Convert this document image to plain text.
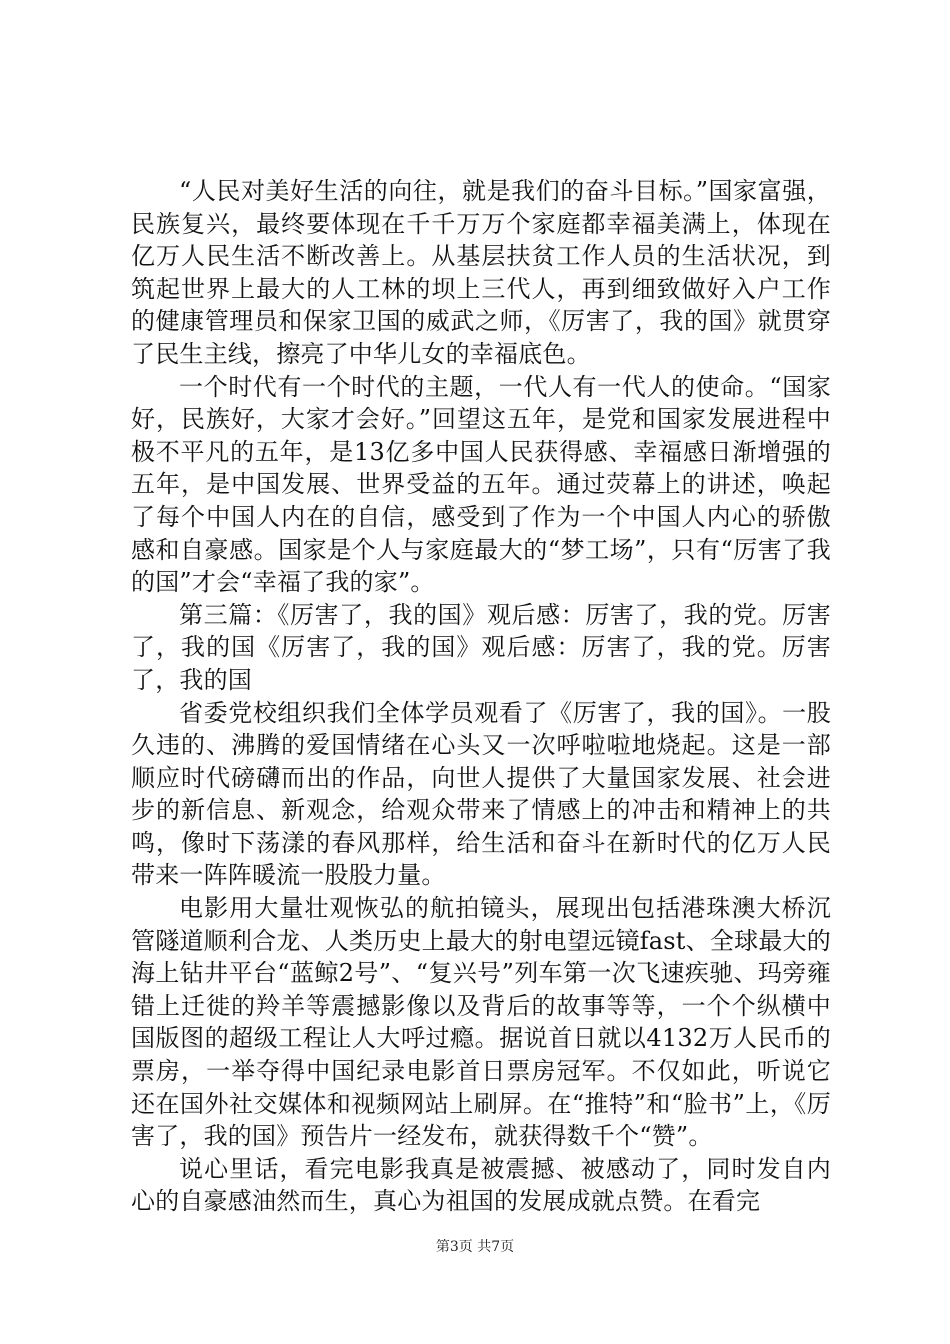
“人民对美好生活的向往，就是我们的奋斗目标。”国家富强，民族复兴，最终要体现在千千万万个家庭都幸福美满上，体现在亿万人民生活不断改善上。从基层扶贫工作人员的生活状况，到筑起世界上最大的人工林的坝上三代人，再到细致做好入户工作的健康管理员和保家卫国的威武之师，《厉害了，我的国》就贯穿了民生主线，擦亮了中华儿女的幸福底色。

一个时代有一个时代的主题，一代人有一代人的使命。“国家好，民族好，大家才会好。”回望这五年，是党和国家发展进程中极不平凡的五年，是13亿多中国人民获得感、幸福感日渐增强的五年，是中国发展、世界受益的五年。通过荧幕上的讲述，唤起了每个中国人内在的自信，感受到了作为一个中国人内心的骄傲感和自豪感。国家是个人与家庭最大的“梦工场”，只有“厉害了我的国”才会“幸福了我的家”。

第三篇：《厉害了，我的国》观后感：厉害了，我的党。厉害了，我的国《厉害了，我的国》观后感：厉害了，我的党。厉害了，我的国

省委党校组织我们全体学员观看了《厉害了，我的国》。一股久违的、沸腾的爱国情绪在心头又一次呼啦啦地烧起。这是一部顺应时代磅礴而出的作品，向世人提供了大量国家发展、社会进步的新信息、新观念，给观众带来了情感上的冲击和精神上的共鸣，像时下荡漾的春风那样，给生活和奋斗在新时代的亿万人民带来一阵阵暖流一股股力量。

电影用大量壮观恢弘的航拍镜头，展现出包括港珠澳大桥沉管隧道顺利合龙、人类历史上最大的射电望远镜fast、全球最大的海上钻井平台“蓝鲸2号”、“复兴号”列车第一次飞速疾驰、玛旁雍错上迁徙的羚羊等震撼影像以及背后的故事等等，一个个纵横中国版图的超级工程让人大呼过瘾。据说首日就以4132万人民币的票房，一举夺得中国纪录电影首日票房冠军。不仅如此，听说它还在国外社交媒体和视频网站上刷屏。在“推特”和“脸书”上，《厉害了，我的国》预告片一经发布，就获得数千个“赞”。

说心里话，看完电影我真是被震撼、被感动了，同时发自内心的自豪感油然而生，真心为祖国的发展成就点赞。在看完

第3页 共7页
